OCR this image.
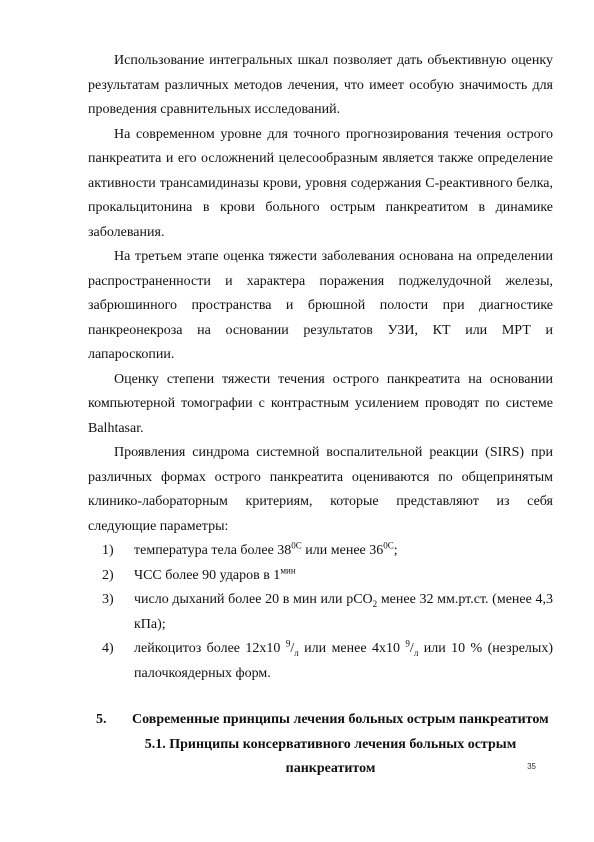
Использование интегральных шкал позволяет дать объективную оценку результатам различных методов лечения, что имеет особую значимость для проведения сравнительных исследований.

На современном уровне для точного прогнозирования течения острого панкреатита и его осложнений целесообразным является также определение активности трансамидиназы крови, уровня содержания С-реактивного белка, прокальцитонина в крови больного острым панкреатитом в динамике заболевания.

На третьем этапе оценка тяжести заболевания основана на определении распространенности и характера поражения поджелудочной железы, забрюшинного пространства и брюшной полости при диагностике панкреонекроза на основании результатов УЗИ, КТ или МРТ и лапароскопии.

Оценку степени тяжести течения острого панкреатита на основании компьютерной томографии с контрастным усилением проводят по системе Balhtasar.

Проявления синдрома системной воспалительной реакции (SIRS) при различных формах острого панкреатита оцениваются по общепринятым клинико-лабораторным критериям, которые представляют из себя следующие параметры:

1) температура тела более $38^{0С}$ или менее $36^{0С}$;
2) ЧСС более 90 ударов в $1^{мин}$
3) число дыханий более 20 в мин или рСО$_2$ менее 32 мм.рт.ст. (менее 4,3 кПа);
4) лейкоцитоз более 12х10 $^9/_л$ или менее 4х10 $^9/_л$ или 10 % (незрелых) палочкоядерных форм.
5. Современные принципы лечения больных острым панкреатитом
5.1. Принципы консервативного лечения больных острым
панкреатитом	35
